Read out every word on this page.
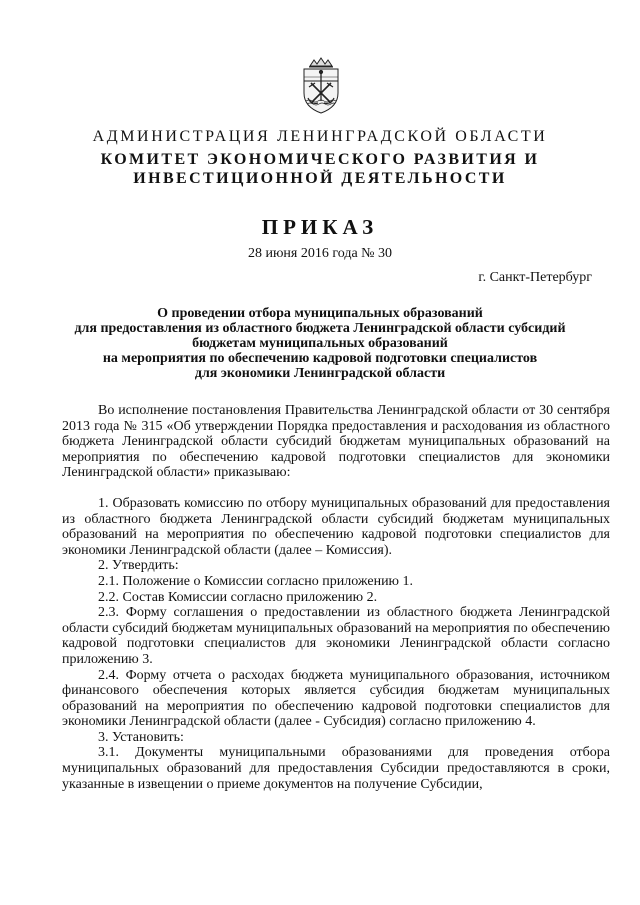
АДМИНИСТРАЦИЯ ЛЕНИНГРАДСКОЙ ОБЛАСТИ
КОМИТЕТ ЭКОНОМИЧЕСКОГО РАЗВИТИЯ И
ИНВЕСТИЦИОННОЙ ДЕЯТЕЛЬНОСТИ
ПРИКАЗ
28 июня 2016 года № 30
г. Санкт-Петербург
О проведении отбора муниципальных образований
для предоставления из областного бюджета Ленинградской области субсидий
бюджетам муниципальных образований
на мероприятия по обеспечению кадровой подготовки специалистов
для экономики Ленинградской области

Во исполнение постановления Правительства Ленинградской области от 30 сентября 2013 года № 315 «Об утверждении Порядка предоставления и расходования из областного бюджета Ленинградской области субсидий бюджетам муниципальных образований на мероприятия по обеспечению кадровой подготовки специалистов для экономики Ленинградской области» приказываю:

1. Образовать комиссию по отбору муниципальных образований для предоставления из областного бюджета Ленинградской области субсидий бюджетам муниципальных образований на мероприятия по обеспечению кадровой подготовки специалистов для экономики Ленинградской области (далее – Комиссия).

2. Утвердить:

2.1. Положение о Комиссии согласно приложению 1.

2.2. Состав Комиссии согласно приложению 2.

2.3. Форму соглашения о предоставлении из областного бюджета Ленинградской области субсидий бюджетам муниципальных образований на мероприятия по обеспечению кадровой подготовки специалистов для экономики Ленинградской области согласно приложению 3.

2.4. Форму отчета о расходах бюджета муниципального образования, источником финансового обеспечения которых является субсидия бюджетам муниципальных образований на мероприятия по обеспечению кадровой подготовки специалистов для экономики Ленинградской области (далее - Субсидия) согласно приложению 4.

3. Установить:

3.1. Документы муниципальными образованиями для проведения отбора муниципальных образований для предоставления Субсидии предоставляются в сроки, указанные в извещении о приеме документов на получение Субсидии,
